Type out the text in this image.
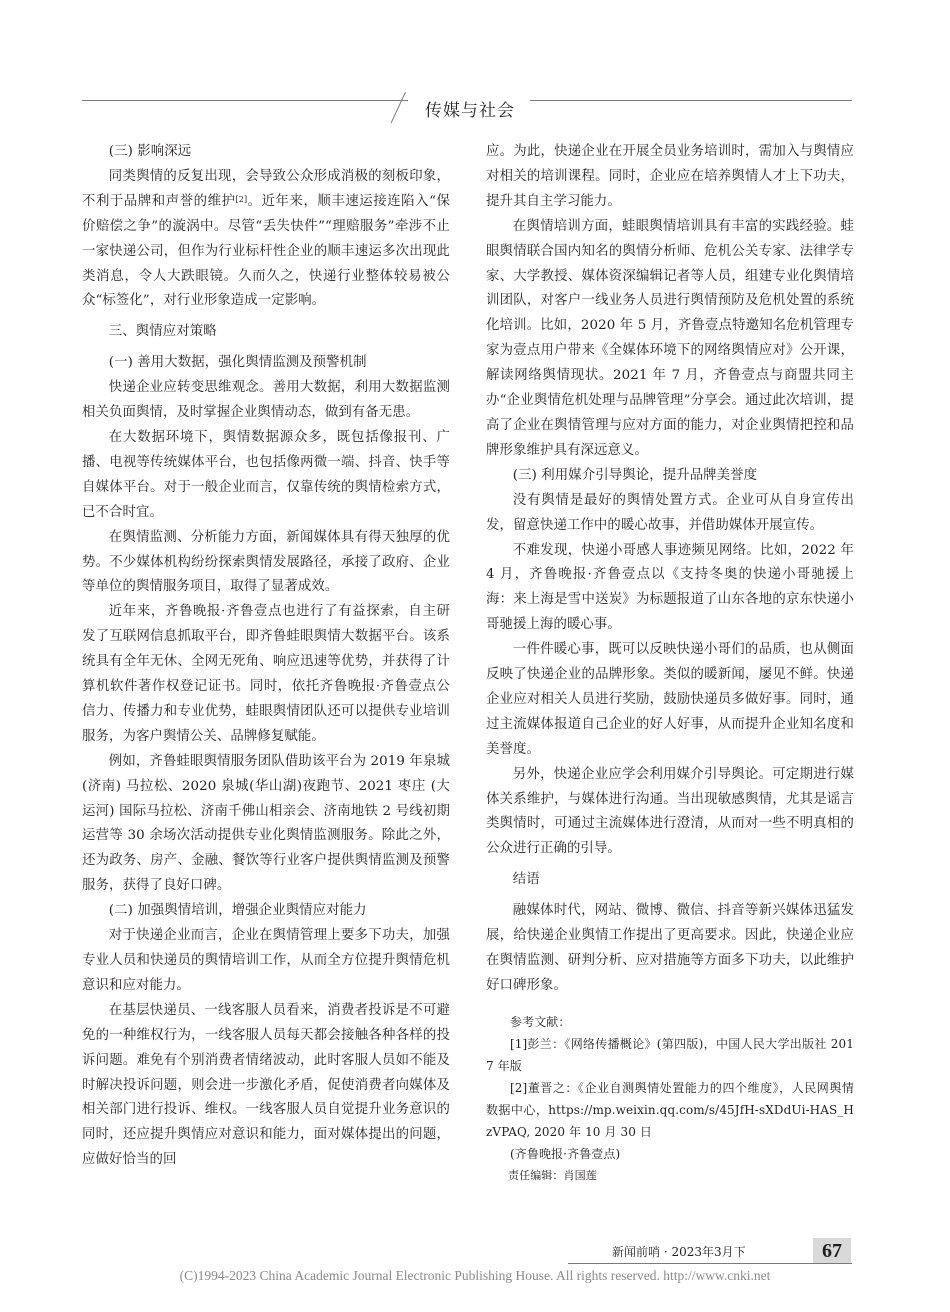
传媒与社会

(三) 影响深远

同类舆情的反复出现，会导致公众形成消极的刻板印象，不利于品牌和声誉的维护[2]。近年来，顺丰速运接连陷入“保价赔偿之争”的漩涡中。尽管“丢失快件”“理赔服务”牵涉不止一家快递公司，但作为行业标杆性企业的顺丰速运多次出现此类消息，令人大跌眼镜。久而久之，快递行业整体较易被公众“标签化”，对行业形象造成一定影响。

三、舆情应对策略

(一) 善用大数据，强化舆情监测及预警机制

快递企业应转变思维观念。善用大数据，利用大数据监测相关负面舆情，及时掌握企业舆情动态，做到有备无患。

在大数据环境下，舆情数据源众多，既包括像报刊、广播、电视等传统媒体平台，也包括像两微一端、抖音、快手等自媒体平台。对于一般企业而言，仅靠传统的舆情检索方式，已不合时宜。

在舆情监测、分析能力方面，新闻媒体具有得天独厚的优势。不少媒体机构纷纷探索舆情发展路径，承接了政府、企业等单位的舆情服务项目，取得了显著成效。

近年来，齐鲁晚报·齐鲁壹点也进行了有益探索，自主研发了互联网信息抓取平台，即齐鲁蛙眼舆情大数据平台。该系统具有全年无休、全网无死角、响应迅速等优势，并获得了计算机软件著作权登记证书。同时，依托齐鲁晚报·齐鲁壹点公信力、传播力和专业优势，蛙眼舆情团队还可以提供专业培训服务，为客户舆情公关、品牌修复赋能。

例如，齐鲁蛙眼舆情服务团队借助该平台为 2019 年泉城 (济南) 马拉松、2020 泉城(华山湖)夜跑节、2021 枣庄 (大运河) 国际马拉松、济南千佛山相亲会、济南地铁 2 号线初期运营等 30 余场次活动提供专业化舆情监测服务。除此之外，还为政务、房产、金融、餐饮等行业客户提供舆情监测及预警服务，获得了良好口碑。

(二) 加强舆情培训，增强企业舆情应对能力

对于快递企业而言，企业在舆情管理上要多下功夫，加强专业人员和快递员的舆情培训工作，从而全方位提升舆情危机意识和应对能力。

在基层快递员、一线客服人员看来，消费者投诉是不可避免的一种维权行为，一线客服人员每天都会接触各种各样的投诉问题。难免有个别消费者情绪波动，此时客服人员如不能及时解决投诉问题，则会进一步激化矛盾，促使消费者向媒体及相关部门进行投诉、维权。一线客服人员自觉提升业务意识的同时，还应提升舆情应对意识和能力，面对媒体提出的问题，应做好恰当的回

应。为此，快递企业在开展全员业务培训时，需加入与舆情应对相关的培训课程。同时，企业应在培养舆情人才上下功夫，提升其自主学习能力。

在舆情培训方面，蛙眼舆情培训具有丰富的实践经验。蛙眼舆情联合国内知名的舆情分析师、危机公关专家、法律学专家、大学教授、媒体资深编辑记者等人员，组建专业化舆情培训团队，对客户一线业务人员进行舆情预防及危机处置的系统化培训。比如，2020 年 5 月，齐鲁壹点特邀知名危机管理专家为壹点用户带来《全媒体环境下的网络舆情应对》公开课，解读网络舆情现状。2021 年 7 月，齐鲁壹点与商盟共同主办“企业舆情危机处理与品牌管理”分享会。通过此次培训，提高了企业在舆情管理与应对方面的能力，对企业舆情把控和品牌形象维护具有深远意义。

(三) 利用媒介引导舆论，提升品牌美誉度

没有舆情是最好的舆情处置方式。企业可从自身宣传出发，留意快递工作中的暖心故事，并借助媒体开展宣传。

不难发现，快递小哥感人事迹频见网络。比如，2022 年 4 月，齐鲁晚报·齐鲁壹点以《支持冬奥的快递小哥驰援上海：来上海是雪中送炭》为标题报道了山东各地的京东快递小哥驰援上海的暖心事。

一件件暖心事，既可以反映快递小哥们的品质，也从侧面反映了快递企业的品牌形象。类似的暖新闻，屡见不鲜。快递企业应对相关人员进行奖励，鼓励快递员多做好事。同时，通过主流媒体报道自己企业的好人好事，从而提升企业知名度和美誉度。

另外，快递企业应学会利用媒介引导舆论。可定期进行媒体关系维护，与媒体进行沟通。当出现敏感舆情，尤其是谣言类舆情时，可通过主流媒体进行澄清，从而对一些不明真相的公众进行正确的引导。

结语

融媒体时代，网站、微博、微信、抖音等新兴媒体迅猛发展，给快递企业舆情工作提出了更高要求。因此，快递企业应在舆情监测、研判分析、应对措施等方面多下功夫，以此维护好口碑形象。

参考文献：

[1]彭兰：《网络传播概论》(第四版)，中国人民大学出版社 2017 年版

[2]董晋之：《企业自测舆情处置能力的四个维度》，人民网舆情数据中心，https://mp.weixin.qq.com/s/45JfH-sXDdUi-HAS_HzVPAQ, 2020 年 10 月 30 日

(齐鲁晚报·齐鲁壹点)

责任编辑：肖国莲

新闻前哨 · 2023年3月下	67
(C)1994-2023 China Academic Journal Electronic Publishing House. All rights reserved. http://www.cnki.net
